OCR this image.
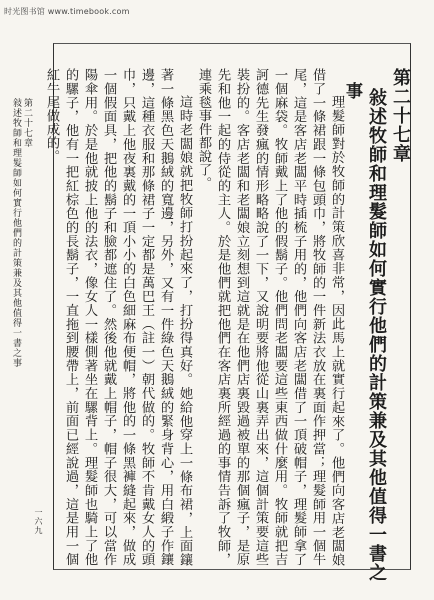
时光图书馆 www.timebook.com
第二十七章
敍述牧師和理髮師如何實行他們的計策兼及其他值得一書之事
一六九	理髮師對於牧師的計策欣喜非常，因此馬上就實行起來了。他們向客店老闆娘借了一條裙跟一條包頭巾，將牧師的一件新法衣放在裏面作押當；理髮師用一個牛尾，這是客店老闆平時插梳子用的，他們向客店老闆借了一頂破帽子，理髮師拿了一個麻袋。牧師戴上了他的假鬍子。他們問老闆要這些東西做什麼用。牧師就把吉訶德先生發瘋的情形略略說了一下，又說明要將他從山裏弄出來，這個計策要這些裝扮的。客店老闆和老闆娘立刻想到這就是在他們店裏毀過被單的那個瘋子，是原先和他一起的侍從的主人。於是他們就把他們在客店裏所經過的事情告訴了牧師，連乘毯事件都說了。

這時老闆娘就把牧師打扮起來了，打扮得真好。她給他穿上一條布裙，上面鑲著一條黑色天鵝絨的寬邊，另外，又有一件綠色天鵝絨的緊身背心，用白緞子作鑲邊，這種衣服和那條裙子一定都是萬巴王（註一）朝代做的。牧師不肯戴女人的頭巾，只戴上他夜裏戴的一頂小小的白色細麻布便帽，將他的一條黑褲縫起來，做成一個假面具，把他的鬍子和臉都遮住了。然後他就戴上帽子，帽子很大，可以當作陽傘用。於是他就披上他的法衣，像女人一樣側著坐在騾背上。理髮師也騎上了他的騾子，他有一把紅棕色的長鬍子，一直拖到腰帶上，前面已經說過，這是用一個紅牛尾做成的。	第二十七章
敍述牧師和理髮師如何實行他們的計策兼及其他值得一書之
事
